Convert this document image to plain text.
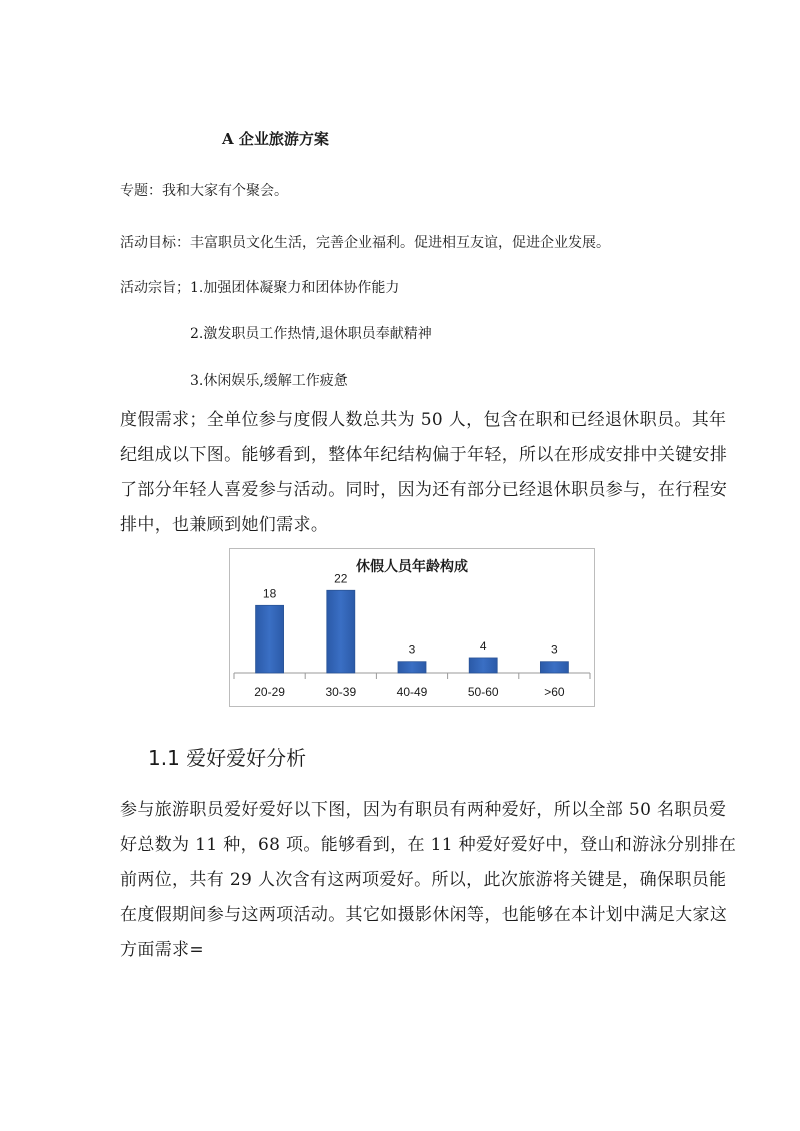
A 企业旅游方案
专题：我和大家有个聚会。
活动目标：丰富职员文化生活，完善企业福利。促进相互友谊，促进企业发展。
活动宗旨； 1.加强团体凝聚力和团体协作能力
2.激发职员工作热情,退休职员奉献精神
3.休闲娱乐,缓解工作疲惫
度假需求；全单位参与度假人数总共为 50 人，包含在职和已经退休职员。其年
纪组成以下图。能够看到，整体年纪结构偏于年轻，所以在形成安排中关键安排
了部分年轻人喜爱参与活动。同时，因为还有部分已经退休职员参与，在行程安
排中，也兼顾到她们需求。
休假人员年龄构成
18
20-29
22
30-39
3
40-49
4
50-60
3
>60
1.1 爱好爱好分析
参与旅游职员爱好爱好以下图，因为有职员有两种爱好，所以全部 50 名职员爱
好总数为 11 种，68 项。能够看到，在 11 种爱好爱好中，登山和游泳分别排在
前两位，共有 29 人次含有这两项爱好。所以，此次旅游将关键是，确保职员能
在度假期间参与这两项活动。其它如摄影休闲等，也能够在本计划中满足大家这
方面需求=
